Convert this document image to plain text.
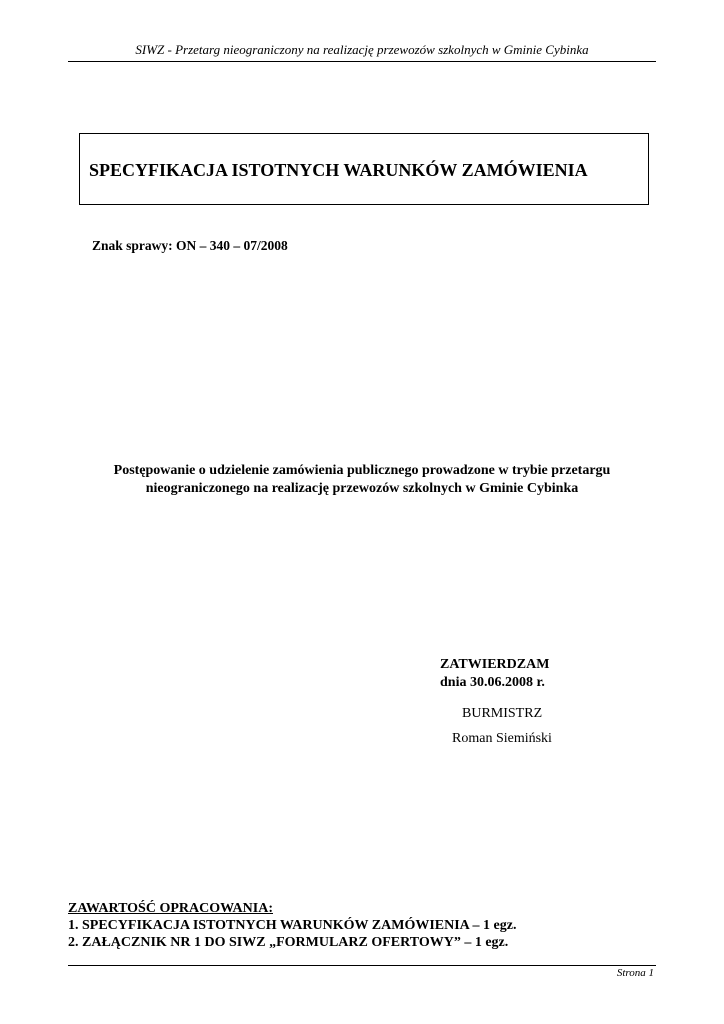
SIWZ - Przetarg nieograniczony na realizację przewozów szkolnych w Gminie Cybinka
SPECYFIKACJA ISTOTNYCH WARUNKÓW ZAMÓWIENIA
Znak sprawy: ON – 340 – 07/2008
Postępowanie o udzielenie zamówienia publicznego prowadzone w trybie przetargu
nieograniczonego na realizację przewozów szkolnych w Gminie Cybinka
ZATWIERDZAM
dnia 30.06.2008 r.
BURMISTRZ
Roman Siemiński
ZAWARTOŚĆ OPRACOWANIA:
1. SPECYFIKACJA ISTOTNYCH WARUNKÓW ZAMÓWIENIA – 1 egz.
2. ZAŁĄCZNIK NR 1 DO SIWZ „FORMULARZ OFERTOWY” – 1 egz.
Strona 1
